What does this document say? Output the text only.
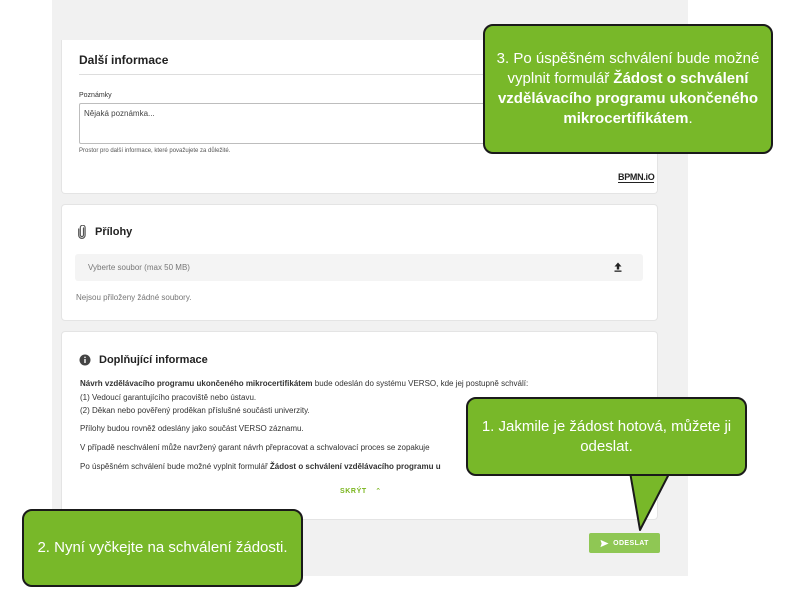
Další informace
Poznámky
Nějaká poznámka...
Prostor pro další informace, které považujete za důležité.
BPMN.iO
Přílohy
Vyberte soubor (max 50 MB)
Nejsou přiloženy žádné soubory.
Doplňující informace
Návrh vzdělávacího programu ukončeného mikrocertifikátem bude odeslán do systému VERSO, kde jej postupně schválí:
(1) Vedoucí garantujícího pracoviště nebo ústavu.
(2) Děkan nebo pověřený proděkan příslušné součásti univerzity.
Přílohy budou rovněž odeslány jako součást VERSO záznamu.
V případě neschválení může navržený garant návrh přepracovat a schvalovací proces se zopakuje
Po úspěšném schválení bude možné vyplnit formulář Žádost o schválení vzdělávacího programu u
SKRÝT ⌃
ODESLAT
1. Jakmile je žádost hotová, můžete ji odeslat.
2. Nyní vyčkejte na schválení žádosti.
3. Po úspěšném schválení bude možné vyplnit formulář Žádost o schválení vzdělávacího programu ukončeného mikrocertifikátem.
